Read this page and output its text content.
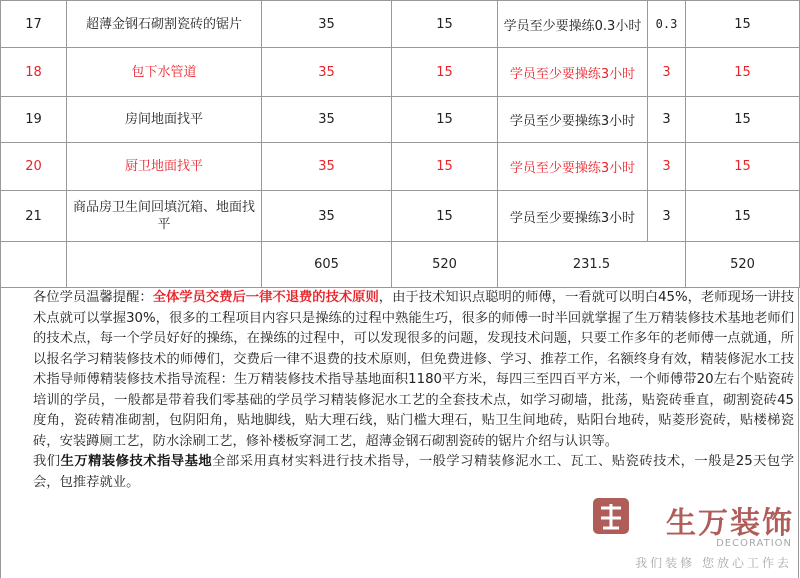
17	超薄金钢石砌割瓷砖的锯片	35	15	学员至少要操练0.3小时	0.3	15
18	包下水管道	35	15	学员至少要操练3小时	3	15
19	房间地面找平	35	15	学员至少要操练3小时	3	15
20	厨卫地面找平	35	15	学员至少要操练3小时	3	15
21	商品房卫生间回填沉箱、地面找平	35	15	学员至少要操练3小时	3	15
		605	520	231.5		520

各位学员温馨提醒：全体学员交费后一律不退费的技术原则，由于技术知识点聪明的师傅，一看就可以明白45%，老师现场一讲技术点就可以掌握30%，很多的工程项目内容只是操练的过程中熟能生巧，很多的师傅一时半回就掌握了生万精装修技术基地老师们的技术点，每一个学员好好的操练，在操练的过程中，可以发现很多的问题，发现技术问题，只要工作多年的老师傅一点就通，所以报名学习精装修技术的师傅们，交费后一律不退费的技术原则，但免费进修、学习、推荐工作，名额终身有效，精装修泥水工技术指导师傅精装修技术指导流程：生万精装修技术指导基地面积1180平方米，每四三至四百平方米，一个师傅带20左右个贴瓷砖培训的学员，一般都是带着我们零基础的学员学习精装修泥水工艺的全套技术点，如学习砌墙，批荡，贴瓷砖垂直，砌割瓷砖45度角，瓷砖精准砌割，包阴阳角，贴地脚线，贴大理石线，贴门槛大理石，贴卫生间地砖，贴阳台地砖，贴菱形瓷砖，贴楼梯瓷砖，安装蹲厕工艺，防水涂刷工艺，修补楼板穿洞工艺，超薄金钢石砌割瓷砖的锯片介绍与认识等。

我们生万精装修技术指导基地全部采用真材实料进行技术指导，一般学习精装修泥水工、瓦工、贴瓷砖技术，一般是25天包学会，包推荐就业。

生万装饰
DECORATION
我们装修 您放心工作去
